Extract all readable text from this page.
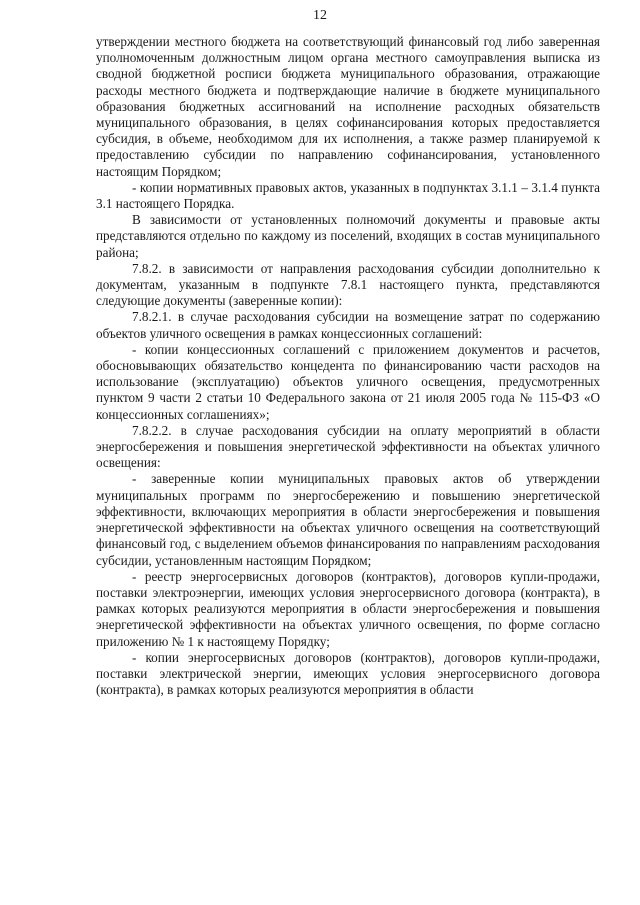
12

утверждении местного бюджета на соответствующий финансовый год либо заверенная уполномоченным должностным лицом органа местного самоуправления выписка из сводной бюджетной росписи бюджета муниципального образования, отражающие расходы местного бюджета и подтверждающие наличие в бюджете муниципального образования бюджетных ассигнований на исполнение расходных обязательств муниципального образования, в целях софинансирования которых предоставляется субсидия, в объеме, необходимом для их исполнения, а также размер планируемой к предоставлению субсидии по направлению софинансирования, установленного настоящим Порядком;

- копии нормативных правовых актов, указанных в подпунктах 3.1.1 – 3.1.4 пункта 3.1 настоящего Порядка.

В зависимости от установленных полномочий документы и правовые акты представляются отдельно по каждому из поселений, входящих в состав муниципального района;

7.8.2. в зависимости от направления расходования субсидии дополнительно к документам, указанным в подпункте 7.8.1 настоящего пункта, представляются следующие документы (заверенные копии):

7.8.2.1. в случае расходования субсидии на возмещение затрат по содержанию объектов уличного освещения в рамках концессионных соглашений:

- копии концессионных соглашений с приложением документов и расчетов, обосновывающих обязательство концедента по финансированию части расходов на использование (эксплуатацию) объектов уличного освещения, предусмотренных пунктом 9 части 2 статьи 10 Федерального закона от 21 июля 2005 года № 115-ФЗ «О концессионных соглашениях»;

7.8.2.2. в случае расходования субсидии на оплату мероприятий в области энергосбережения и повышения энергетической эффективности на объектах уличного освещения:

- заверенные копии муниципальных правовых актов об утверждении муниципальных программ по энергосбережению и повышению энергетической эффективности, включающих мероприятия в области энергосбережения и повышения энергетической эффективности на объектах уличного освещения на соответствующий финансовый год, с выделением объемов финансирования по направлениям расходования субсидии, установленным настоящим Порядком;

- реестр энергосервисных договоров (контрактов), договоров купли-продажи, поставки электроэнергии, имеющих условия энергосервисного договора (контракта), в рамках которых реализуются мероприятия в области энергосбережения и повышения энергетической эффективности на объектах уличного освещения, по форме согласно приложению № 1 к настоящему Порядку;

- копии энергосервисных договоров (контрактов), договоров купли-продажи, поставки электрической энергии, имеющих условия энергосервисного договора (контракта), в рамках которых реализуются мероприятия в области
